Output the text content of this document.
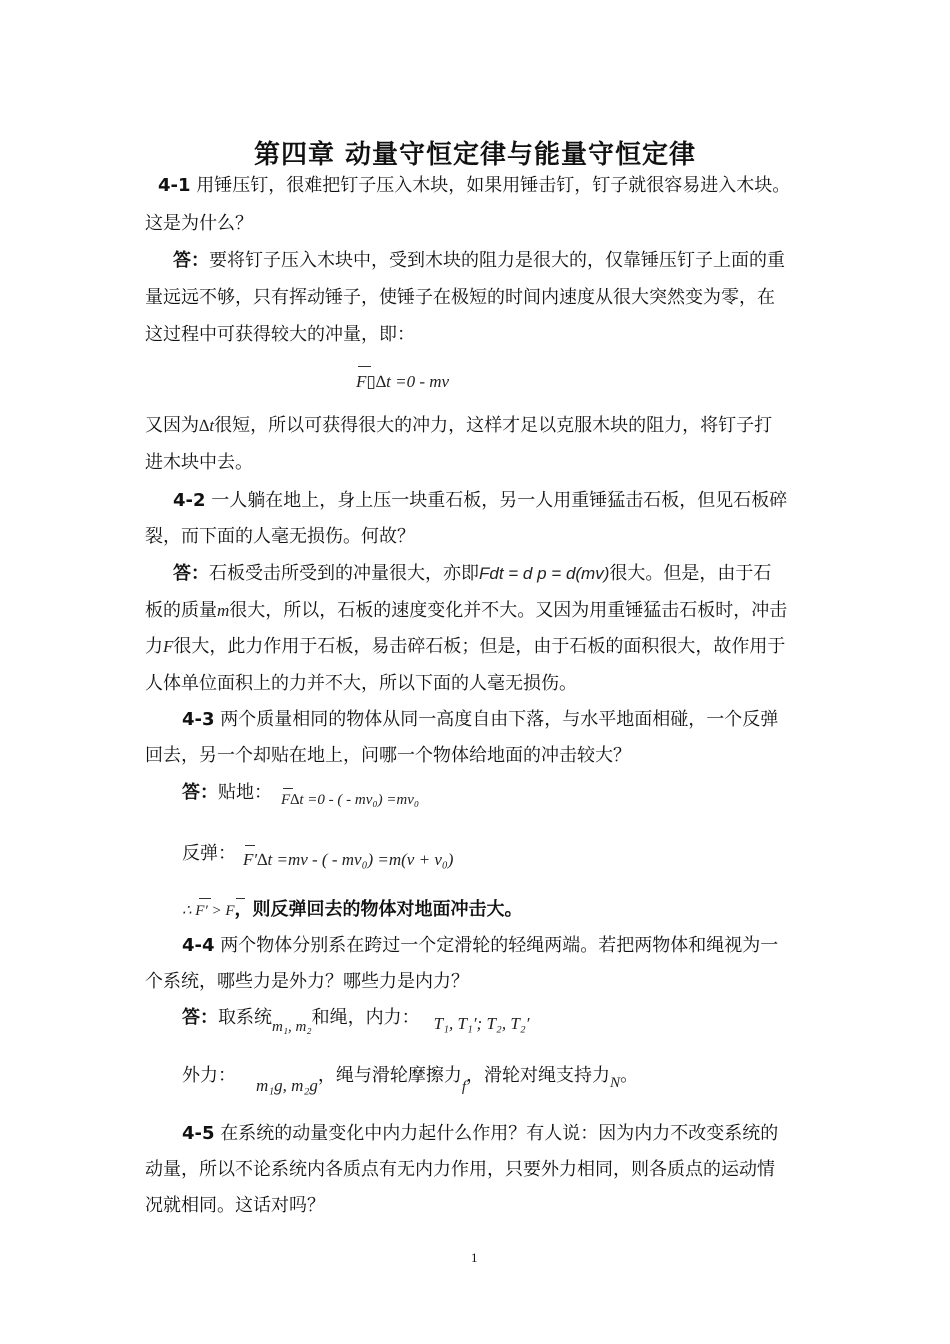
第四章 动量守恒定律与能量守恒定律
4-1 用锤压钉，很难把钉子压入木块，如果用锤击钉，钉子就很容易进入木块。
这是为什么？
答：要将钉子压入木块中，受到木块的阻力是很大的，仅靠锤压钉子上面的重
量远远不够，只有挥动锤子，使锤子在极短的时间内速度从很大突然变为零，在
这过程中可获得较大的冲量，即：
F▯∆t =0 - mv
又因为∆t很短，所以可获得很大的冲力，这样才足以克服木块的阻力，将钉子打
进木块中去。
4-2 一人躺在地上，身上压一块重石板，另一人用重锤猛击石板，但见石板碎
裂，而下面的人毫无损伤。何故？
答：石板受击所受到的冲量很大，亦即Fdt = d p = d(mv)很大。但是，由于石
板的质量m很大，所以，石板的速度变化并不大。又因为用重锤猛击石板时，冲击
力F很大，此力作用于石板，易击碎石板；但是，由于石板的面积很大，故作用于
人体单位面积上的力并不大，所以下面的人毫无损伤。
4-3 两个质量相同的物体从同一高度自由下落，与水平地面相碰，一个反弹
回去，另一个却贴在地上，问哪一个物体给地面的冲击较大？
答：贴地： F∆t =0 - ( - mv₀) =mv₀
反弹： F′∆t =mv - ( - mv₀) =m(v + v₀)
∴ F′ > F，则反弹回去的物体对地面冲击大。
4-4 两个物体分别系在跨过一个定滑轮的轻绳两端。若把两物体和绳视为一
个系统，哪些力是外力？哪些力是内力？
答：取系统$_{m_1, m_2}$和绳，内力： T₁, T₁′; T₂, T₂′
外力： m₁g, m₂g，绳与滑轮摩擦力$_f$，滑轮对绳支持力$_N$。
4-5 在系统的动量变化中内力起什么作用？有人说：因为内力不改变系统的
动量，所以不论系统内各质点有无内力作用，只要外力相同，则各质点的运动情
况就相同。这话对吗？
1
